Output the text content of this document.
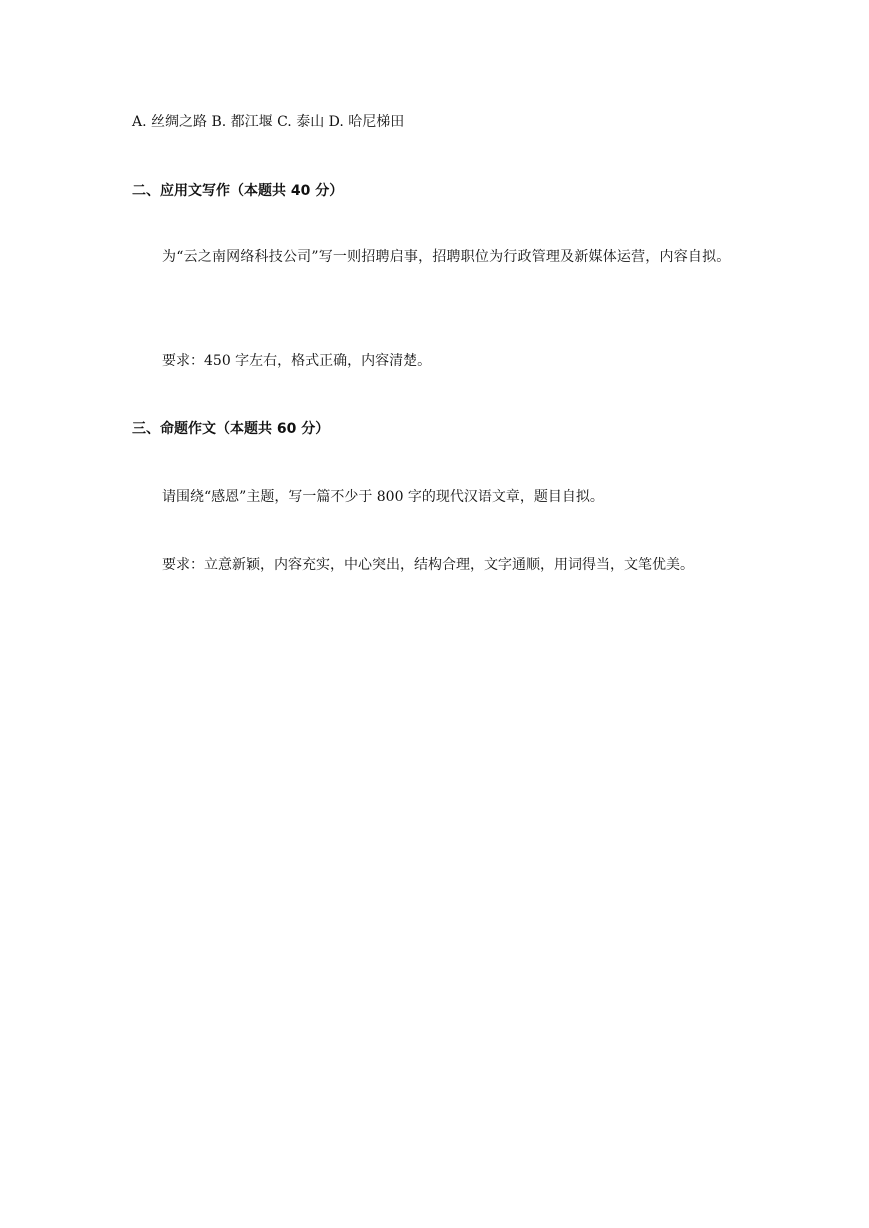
A. 丝绸之路 B. 都江堰 C. 泰山 D. 哈尼梯田
二、应用文写作（本题共 40 分）
为“云之南网络科技公司”写一则招聘启事，招聘职位为行政管理及新媒体运营，内容自拟。
要求：450 字左右，格式正确，内容清楚。
三、命题作文（本题共 60 分）
请围绕“感恩”主题，写一篇不少于 800 字的现代汉语文章，题目自拟。
要求：立意新颖，内容充实，中心突出，结构合理，文字通顺，用词得当，文笔优美。
